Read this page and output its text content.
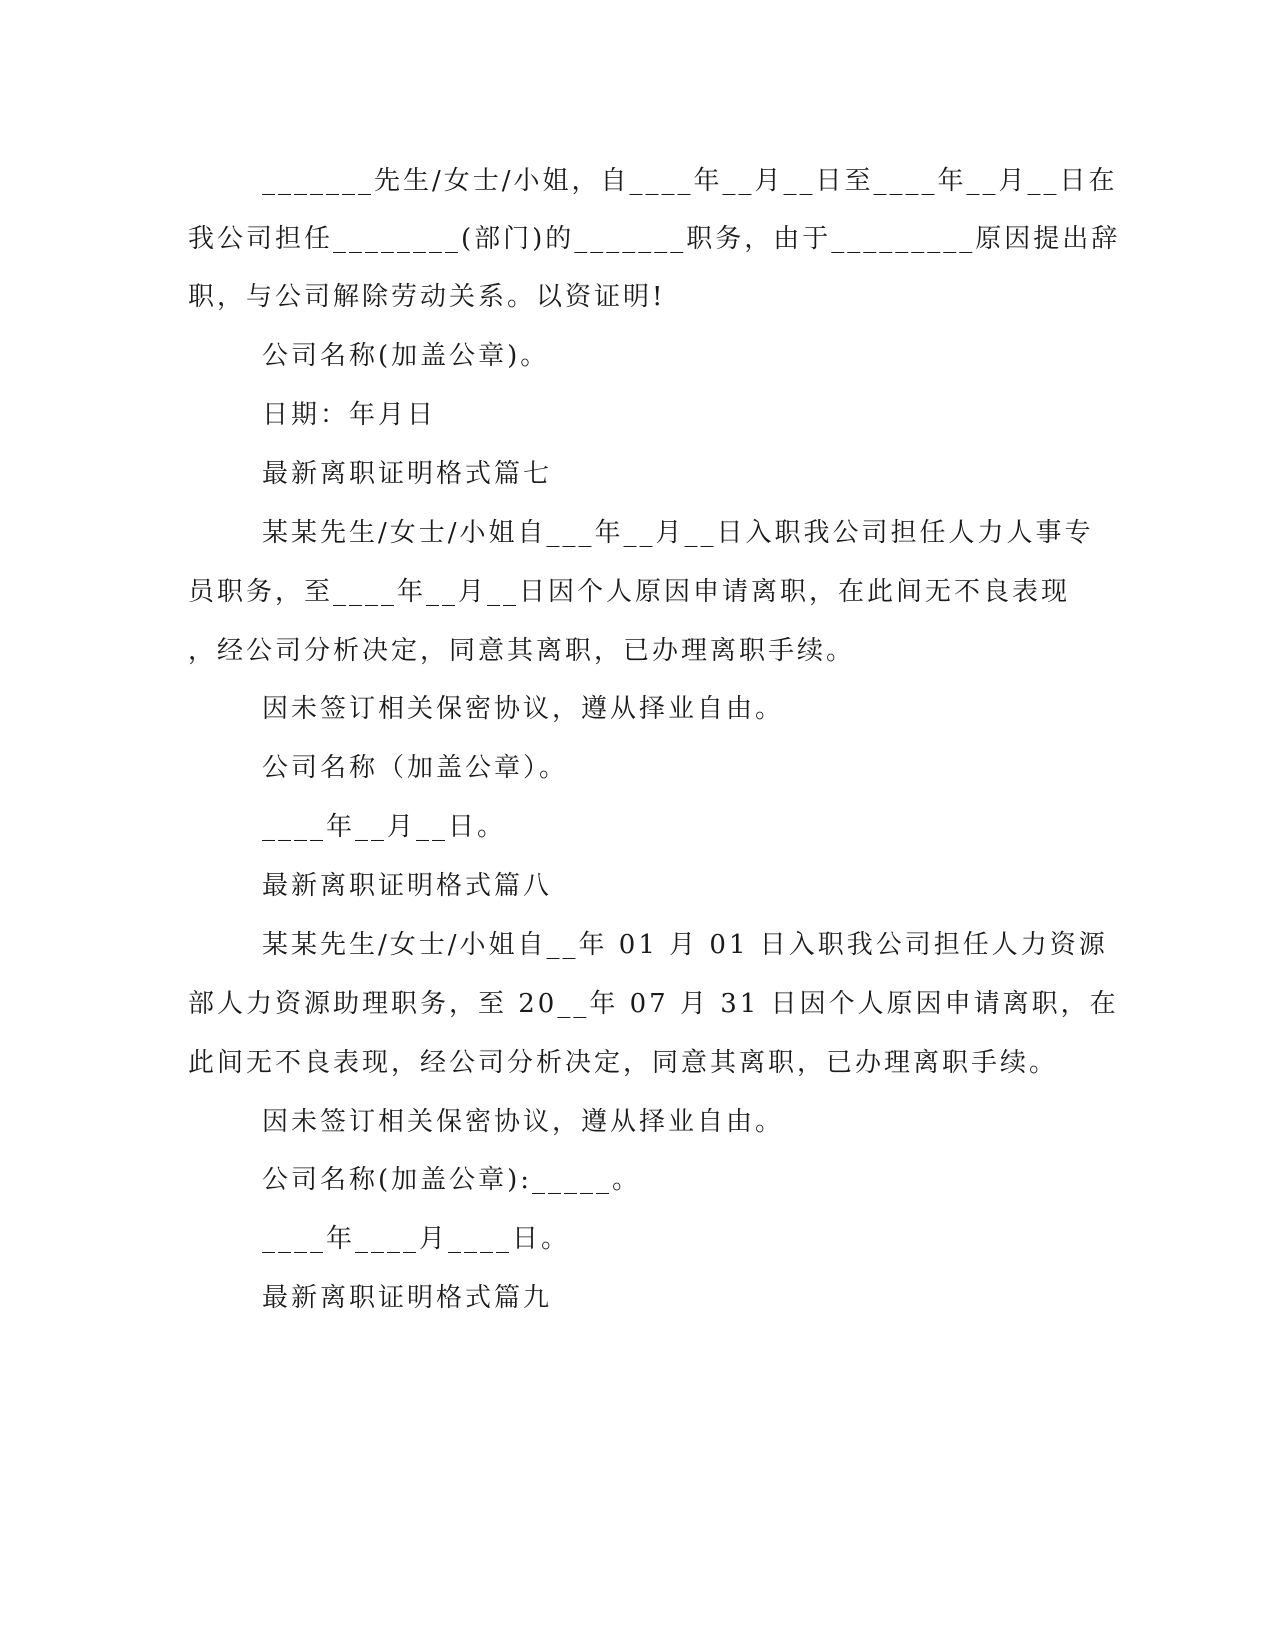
_______先生/女士/小姐，自____年__月__日至____年__月__日在
我公司担任________(部门)的_______职务，由于_________原因提出辞
职，与公司解除劳动关系。以资证明!
公司名称(加盖公章)。
日期：年月日
最新离职证明格式篇七
某某先生/女士/小姐自___年__月__日入职我公司担任人力人事专
员职务，至____年__月__日因个人原因申请离职，在此间无不良表现
，经公司分析决定，同意其离职，已办理离职手续。
因未签订相关保密协议，遵从择业自由。
公司名称（加盖公章）。
____年__月__日。
最新离职证明格式篇八
某某先生/女士/小姐自__年 01 月 01 日入职我公司担任人力资源
部人力资源助理职务，至 20__年 07 月 31 日因个人原因申请离职，在
此间无不良表现，经公司分析决定，同意其离职，已办理离职手续。
因未签订相关保密协议，遵从择业自由。
公司名称(加盖公章):_____。
____年____月____日。
最新离职证明格式篇九
